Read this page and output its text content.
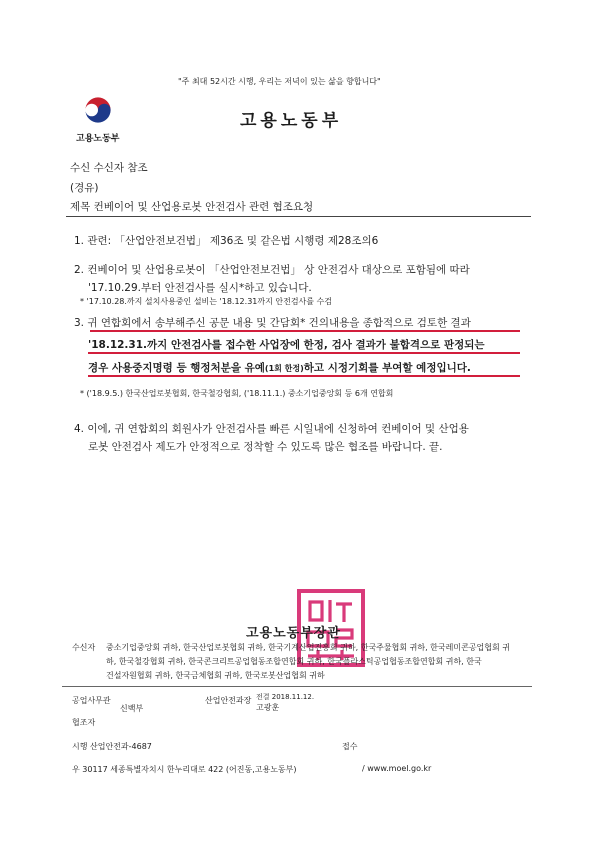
"주 최대 52시간 시행, 우리는 저녁이 있는 삶을 향합니다"
고용노동부
고용노동부
수신 수신자 참조
(경유)
제목 컨베이어 및 산업용로봇 안전검사 관련 협조요청
1. 관련: 「산업안전보건법」 제36조 및 같은법 시행령 제28조의6
2. 컨베이어 및 산업용로봇이 「산업안전보건법」 상 안전검사 대상으로 포함됨에 따라
'17.10.29.부터 안전검사를 실시*하고 있습니다.
* '17.10.28.까지 설치사용중인 설비는 '18.12.31까지 안전검사를 수검
3. 귀 연합회에서 송부해주신 공문 내용 및 간담회* 건의내용을 종합적으로 검토한 결과
'18.12.31.까지 안전검사를 접수한 사업장에 한정, 검사 결과가 불합격으로 판정되는
경우 사용중지명령 등 행정처분을 유예(1회 한정)하고 시정기회를 부여할 예정입니다.
* ('18.9.5.) 한국산업로봇협회, 한국철강협회, ('18.11.1.) 중소기업중앙회 등 6개 연합회
4. 이에, 귀 연합회의 회원사가 안전검사를 빠른 시일내에 신청하여 컨베이어 및 산업용
로봇 안전검사 제도가 안정적으로 정착할 수 있도록 많은 협조를 바랍니다. 끝.
고용노동부장관
수신자 중소기업중앙회 귀하, 한국산업로봇협회 귀하, 한국기계산업진흥회 귀하, 한국주물협회 귀하, 한국레미콘공업협회 귀
하, 한국철강협회 귀하, 한국콘크리트공업협동조합연합회 귀하, 한국플라스틱공업협동조합연합회 귀하, 한국
건설자원협회 귀하, 한국금체협회 귀하, 한국로봇산업협회 귀하
공업사무관
신백부
산업안전과장 전결 2018.11.12.
고광훈
협조자
시행 산업안전과-4687	접수
우 30117 세종특별자치시 한누리대로 422 (어진동,고용노동부)	/ www.moel.go.kr
